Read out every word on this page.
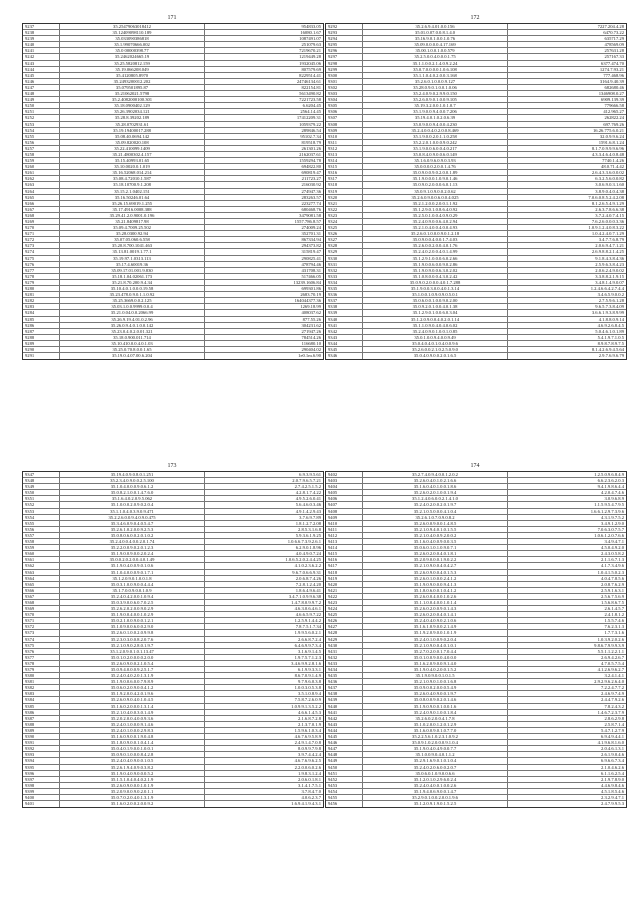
171
9237	35.25479063018412	954833.05
9238	35.12409098110.189	16080.1.67
9239	35.033090386818	1087491.07
9240	35.1.99070666.002	251079.63
9241	35.0 00000398.77	7219670.21
9242	35.2462024665.19	1219449.28
9243	35.25.5820812.159	1932045.06
9244	35.19.066208.049	807579.69
9245	35.4120805.8970	8229514.41
9246	35.2493200012.202	24746134.61
9247	35.079501895.87	822154.81
9248	35.21062021.5798	5613490.82
9249	35.2.4082000100.301	7221723.58
9250	35.18.0900402.129	6.6204.45
9251	35.26.3902034.121	2564.14.45
9252	35.28.8.39202.189	17412209.31
9253	35.28.0702931.61	1059379.22
9254	35.19.19400017.288	289846.54
9255	35.08.40.0694.142	95102.7.34
9256	35.09.820020.108	819518.79
9257	35.22.410099.1409	261301.26
9258	35.21.4800302.4.157	2162037.61
9259	35.15.40993.01.65	1559294.78
9260	35.10.0020.0.1.019	694822.80
9261	35.16.52068.014.214	690819.47
9262	35.08.4.72010.1.587	211723.27
9263	35.18.10700.9.1.208	216030.92
9264	35.15.2.1.0402.151	274947.36
9265	35.16.50246.01.64	283263.57
9266	35.26.15.69019.1.255	223277.74
9267	35.17.4916.0008.388	680468.76
9268	35.29.41.2.0.9001.0.196	3479081.58
9269	35.21.8409817.98	1557.786.8.57
9270	35.09.4.7009.25.502	274009.24
9271	35.28.0300.92.94	352701.31
9272	35.07.05.060.6.558	867334.94
9273	35.20.8.700.1041.463	294373.82
9274	35.13.81.0019.1.77.1	315819.47
9275	35.19.97.1.0313.113	290825.41
9276	35.17.4.60019.36	478794.46
9277	35.09.17.01.001.9.830	431708.31
9278	35.18.1.04.02061.173	517466.05
9279	35.21.8.70.200.9.4.34	13239.1606.84
9280	35.10.4.0.1.0.0.0.19.58	699301.86
9281	35.23.478.0.9.0.1.1.0.92	2683.70.19
9282	35.25.3669.0.0.2.125	164044377.36
9283	35.03.1.0.0.9999.0.0.4	1269.18.99
9284	35.21.0.04.0.0.2066.99	408037.62
9285	35.26.9.19.4.01.0.2.96	877.55.26
9286	35.26.0.9.4.0.1.0.0.142	304231.62
9287	35.23.0.4.0.2.0.01.321	271947.26
9288	35.18.0.900.011.714	784514.26
9289	35.10.410.0.0.4.0.1.03	116680.10
9290	35.25.0.70.8.0.0.1.65	290404.02
9291	35.19.0.4.07.00.6.204	1e0.1m.6.90
172
9292	35.2.6.9.4.01.0.0.156	7227.204.4.28
9293	35.01.0.07.0.0.8.1.4.0	6470.73.22
9294	35.16.9.0.1.0.0.1.0.76	635717.29
9295	35.09.0.0.0.0.4.17.169	478569.09
9296	35.00.1.0.0.1.0.0.579	257631.28
9297	35.2.5.0.0.4.0.0.0.1.75	257167.33
9298	35.1.1.0.0.2.1.4.0.9.2.24	6377.474.70
9299	35.0.7.0.0.0.0.1.0.6.108	1274.7.93.21
9300	35.1.1.0.4.0.2.0.0.3.168	777.468.96
9301	35.2.6.0.1.0.0.0.9.127	3164.9.40.39
9302	35.28.0.9.0.1.0.0.1.0.06	682680.46
9303	35.2.4.0.9.0.2.9.9.0.150	1346908.0.27
9304	35.2.6.0.9.0.1.0.0.9.105	6909.139.39
9305	35.19.3.2.0.0.1.0.1.0.7	779666.58
9306	35.1.9.0.0.9.4.0.0.7.206	412.965.27
9307	35.19.4.0.1.0.2.0.6.39	262822.24
9308	35.0.9.0.0.9.4.0.0.4.230	697.769.26
9309	35.2.4.0.0.4.0.2.0.0.8.469	16.26.775.6.0.21
9310	35.1.9.0.0.2.0.1.1.0.258	32.0.9.9.6.24
9311	35.2.2.0.1.0.0.0.9.0.242	1591.6.8.1.24
9312	35.1.9.0.0.6.0.0.4.0.217	8.1.7.0.9.9.9.6.96
9313	35.0.8.4.0.9.0.0.6.0.149	4.3.3.4.6.4.0.8.48
9314	35.1.6.0.9.6.0.9.0.3.93	7740.1.4.26
9315	35.0.0.0.0.2.0.0.1.4.76	48.0.71.4.42
9316	35.0.9.0.0.9.0.2.0.0.1.89	2.6.4.3.3.6.0.0.02
9317	35.1.9.0.0.0.1.0.9.0.1.46	6.3.2.5.6.0.0.82
9318	35.0.9.0.2.0.0.0.6.0.1.13	3.0.6.9.0.3.1.60
9319	35.0.9.1.0.9.0.0.2.0.62	3.8.9.0.4.0.4.38
9320	35.2.6.0.9.0.0.6.0.0.4.025	7.0.6.0.8.5.2.4.2.08
9321	35.2.1.2.0.0.2.0.0.1.1.92	8.1.2.6.5.4.9.1.29
9322	35.1.2.9.0.1.0.8.6.4.0.92	2.6.3.7.8.6.6.38
9323	35.2.5.0.1.0.0.4.0.9.0.29	3.7.2.4.0.7.4.15
9324	35.2.4.0.9.0.0.6.4.0.2.94	7.6.2.6.0.0.0.3.36
9325	35.2.1.0.4.0.0.4.0.0.4.93	1.0.9.1.2.4.0.8.3.22
9326	35.2.6.0.1.0.0.0.9.0.1.2.18	1.0.4.2.4.0.7.1.29
9327	35.0.9.0.0.4.0.0.1.7.4.03	3.4.7.7.6.8.79
9328	35.2.6.0.0.2.0.0.4.0.1.76	2.0.6.9.4.7.1.21
9329	35.2.4.0.2.0.0.4.0.1.4.99	2.6.9.8.8.2.1.4.25
9330	35.1.2.9.1.0.0.0.6.0.2.66	9.1.8.4.3.8.4.36
9331	35.1.9.0.0.6.0.0.9.0.2.86	2.5.9.6.3.8.4.23
9332	35.1.9.0.9.0.0.6.3.0.2.02	2.0.6.2.4.9.0.02
9333	35.1.0.8.0.0.0.4.3.0.2.42	3.3.8.8.2.1.9.15
9334	35.0.9.0.2.0.0.0.4.0.1.7.288	3.4.8.1.4.9.0.07
9335	35.1.9.0.0.3.0.0.4.0.1.3.14	1.2.4.6.6.4.2.7.4.4
9336	35.1.0.0.1.0.9.0.9.0.5.0.1	3.4.6.5.9.0.0.2
9337	35.0.6.0.0.1.0.0.9.0.2.00	2.7.5.9.6.1.28
9338	35.0.9.2.0.1.0.0.4.0.1.38	9.6.5.7.3.8.4.09
9339	35.1.2.9.0.1.0.0.6.0.3.04	3.6.6.1.9.3.8.9.99
9340	35.1.2.0.9.0.0.4.0.2.0.1.14	4.1.8.8.0.9.14
9341	35.1.1.0.9.0.4.0.4.0.6.02	4.6.9.2.6.8.4.5
9342	35.2.4.0.9.0.1.0.0.1.0.85	5.0.4.6.1.0.1.89
9343	35.0.1.0.0.9.4.0.0.9.49	5.4.1.9.7.1.0.5
9344	35.0.4.0.4.0.1.0.4.0.0.9.6	8.9.8.7.8.9.7.5
9345	35.2.6.0.0.2.1.0.2.5.0.9.0	8.1.4.2.6.9.4.5.64
9346	35.0.4.0.9.0.0.2.0.1.6.5	2.9.7.6.9.6.79
173
9347	35.19.4.0.9.0.8.0.1.251	6.9.3.9.5.61
9348	35.2.3.4.0.9.0.0.2.5.100	2.0.7.9.6.5.7.21
9349	35.1.0.4.0.0.0.9.0.6.1.2	2.7.4.2.5.1.5.2
9350	35.0.8.2.1.0.0.1.4.7.6.0	4.2.8.1.7.4.22
9351	35.1.6.4.0.2.0.9.5.062	4.9.5.2.6.0.41
9352	35.1.0.0.0.2.0.9.0.2.0.4	5.6.4.6.0.3.46
9353	35.1.1.0.4.0.3.9.0.9.471	4.9.1.4.2.9.43
9354	35.2.2.6.0.0.9.4.0.9.0.475	3.7.6.9.7.89
9355	35.3.4.6.0.9.0.4.0.5.4.7	1.8.1.2.7.2.08
9356	35.2.6.1.0.2.0.0.9.2.5.3	2.8.5.3.1.6.8
9357	35.0.8.0.6.0.0.2.0.1.0.2	5.9.3.6.1.9.25
9358	35.2.4.0.0.4.0.0.2.0.1.74	1.0.6.6.7.3.9.2.6.1
9359	35.2.2.0.0.9.0.2.0.1.2.3	6.2.9.0.1.8.96
9360	35.1.9.0.0.9.0.0.2.0.2.4	4.0.4.9.0.7.24
9361	35.0.0.2.0.2.0.0.4.0.1.49	1.0.6.5.2.0.2.4.4.25
9362	35.1.9.0.4.0.0.9.0.1.0.6	4.1.0.2.3.6.2.2
9363	35.1.0.4.0.0.0.9.0.1.7.1	9.6.7.0.6.6.9.31
9364	35.1.2.0.9.0.1.0.0.1.8	2.0.6.8.7.4.26
9365	35.0.3.1.0.0.9.0.0.4.4.4	7.2.8.1.2.4.20
9366	35.1.7.0.0.9.0.0.1.0.9	1.8.6.4.9.6.41
9367	35.2.4.0.4.2.0.0.1.0.9.4	3.4.7.1.0.9.9.6.38
9368	35.0.3.9.0.0.6.0.7.0.2.5	1.4.7.8.0.9.9.7.2
9369	35.2.6.2.0.2.0.0.9.0.2.9	4.6.3.0.6.4.6.1
9370	35.1.9.0.0.4.0.0.1.0.2.9	4.6.6.5.9.7.22
9371	35.0.2.1.0.0.9.0.0.1.2.1	1.2.5.9.1.4.4.2
9372	35.1.0.9.0.0.6.0.0.2.9.0	7.8.7.5.1.7.34
9373	35.2.6.0.1.0.0.2.0.9.9.8	1.9.9.5.6.0.2.1
9374	35.2.3.0.3.0.0.8.2.0.7.6	2.6.6.8.7.2.4
9375	35.2.1.0.9.0.2.8.0.1.9.7	6.4.6.9.9.7.3.4
9376	35.1.2.0.9.0.1.0.1.13.47	3.1.6.9.1.4.5
9377	35.0.1.0.2.0.0.0.0.2.0.0	1.9.7.5.7.1.2.3
9378	35.2.6.0.9.0.0.2.1.0.5.4	3.4.6.9.9.2.8.1.6
9379	35.0.9.4.0.0.0.9.2.5.1.7	6.1.9.9.3.3.1
9380	35.2.4.0.4.0.2.0.1.3.1.9	8.6.7.0.9.1.4.9
9381	35.1.9.0.0.6.0.0.7.9.8.9	9.7.9.6.0.3.8
9382	35.0.6.0.2.0.9.0.0.4.1.2	1.0.0.3.0.5.3.8
9383	35.1.9.2.0.0.4.2.0.1.9.6	3.5.1.0.8.9.4
9384	35.2.6.0.9.0.4.0.1.0.4.5	7.5.8.7.2.6.0.9
9385	35.1.6.0.2.0.0.0.1.3.1.4	1.0.9.9.1.3.5.2.2
9386	35.2.1.0.4.0.0.3.0.1.4.9	4.6.6.1.4.5.3
9387	35.2.0.2.0.0.4.0.0.9.3.6	2.1.6.8.7.2.8
9388	35.2.4.0.1.0.0.0.9.1.4.6	2.1.3.7.0.1.9
9389	35.2.4.0.1.0.0.0.2.9.8.3	1.5.9.6.1.0.3.4
9390	35.1.6.0.9.0.0.1.9.0.4.8	4.6.7.6.9.5.8.9
9391	35.1.8.0.9.0.0.1.0.4.1.4	2.4.9.1.4.7.0.8
9392	35.0.4.0.1.9.0.0.1.0.0.1	8.0.9.9.7.9.8
9393	35.0.9.0.1.0.0.0.8.4.2.8	3.9.7.4.4.2.4
9394	35.2.4.0.4.0.9.0.0.1.0.5	4.6.7.6.9.6.2.5
9395	35.2.6.1.9.4.0.9.0.3.8.2	2.2.0.0.6.0.2.6
9396	35.1.9.0.4.0.9.0.0.0.5.2	1.9.8.3.1.2.4
9397	35.1.5.1.0.4.0.4.0.2.1.9	2.0.6.0.1.8.1
9398	35.2.6.0.9.0.0.0.1.0.1.9	3.1.4.1.7.5.1
9399	35.2.0.9.0.0.9.0.2.0.1.1	3.7.8.4.7.0
9400	35.0.7.0.2.0.4.0.1.3.1.9	4.0.6.2.3.7
9401	35.1.6.0.2.0.0.2.0.0.9.2	1.6.9.4.1.9.4.3.1
174
9402	35.2.7.4.0.9.4.0.0.1.2.0.2	1.2.5.0.9.6.8.4.9
9403	35.2.6.0.4.0.1.0.2.1.6.6	6.6.2.3.6.2.0.3
9404	35.1.6.0.4.0.1.0.0.1.8.6	9.4.1.9.8.6.4.4
9405	35.2.6.0.2.0.1.0.0.1.9.4	4.2.0.4.7.4.6
9406	35.1.2.4.0.6.0.0.2.1.4.1.0	3.0.9.6.8.9
9407	35.2.4.0.2.0.0.2.0.1.9.7	1.1.5.9.5.4.7.9.5
9408	35.2.1.0.5.0.0.0.4.1.0.4	1.6.6.1.2.9.7.3.9.6
9409	35.2.6.1.0.7.0.9.0.8.2	4.3.1.9.7.5.2
9410	35.2.6.0.0.9.0.0.1.4.8.5	3.4.9.1.2.9.0
9411	35.2.1.0.9.4.0.1.0.1.5.5	7.0.6.3.0.7.5.7
9412	35.2.1.0.4.0.0.9.2.0.0.2	1.0.6.1.2.0.7.6.6
9413	35.1.6.0.4.0.0.9.0.0.3.5	3.4.9.4.7.1
9414	35.0.6.0.1.0.1.0.9.0.7.1	4.5.0.4.9.2.0
9415	35.2.6.0.2.0.0.4.0.1.8.1	2.4.3.0.5.8.2
9416	35.2.0.9.0.0.0.1.9.0.2.2	2.1.1.6.7.1.3
9417	35.2.1.0.9.0.0.4.0.4.2.7	4.1.7.3.4.9.6
9418	35.2.6.0.9.0.0.4.0.1.5.3	1.0.4.1.5.0.2.3
9419	35.2.6.0.1.0.0.0.2.4.1.2	4.0.4.7.8.5.6
9420	35.1.9.0.9.0.0.0.9.4.1.3	2.0.8.7.6.2.9
9421	35.1.8.0.6.0.0.1.0.4.1.2	2.5.9.1.6.3.1
9422	35.2.6.0.0.4.0.0.1.0.2.6	2.5.6.7.5.6.9
9423	35.1.1.0.0.4.0.0.1.0.1.4	1.5.6.8.6.7.5
9424	35.2.6.0.2.0.0.9.0.1.4.3	2.6.1.4.5.7
9425	35.2.6.0.2.0.0.4.0.1.4.1	2.4.1.8.1.2
9426	35.2.4.0.4.0.9.0.2.1.0.6	1.5.5.7.4.6
9427	35.1.6.1.0.9.0.0.2.1.4.9	7.6.2.3.1.3
9428	35.1.9.2.0.9.0.0.1.0.1.9	1.7.7.3.1.6
9429	35.2.4.0.1.0.0.9.0.2.0.4	1.0.3.9.2.0.2.6
9430	35.2.1.0.9.0.0.4.0.1.0.1	9.8.6.7.9.9.9.3.9
9431	35.2.7.0.2.0.0.1.7.0.4.4	5.5.1.1.2.2.1.1
9432	35.0.1.0.0.9.0.0.4.0.0.0	2.6.9.4.2.6.7
9433	35.1.6.2.0.9.0.0.9.1.4.0	4.7.0.5.7.5.4
9434	35.1.9.0.4.0.2.0.0.1.5.2	4.1.2.6.9.6.2.7
9435	35.1.9.0.9.0.0.1.0.1.5	3.2.4.1.4.1
9436	35.2.1.0.9.0.1.0.0.1.6.8	2.9.2.9.6.2.6.4.0
9437	35.0.9.0.0.2.0.0.0.5.4.9	7.2.2.4.7.7.2
9438	35.2.6.0.4.0.9.0.0.1.9.7	2.4.6.9.7.4.9
9439	35.0.8.0.0.9.0.2.0.1.4.6	2.4.4.7.9.2.6
9440	35.1.9.0.9.0.0.1.0.0.1.6	7.8.2.4.3.2
9441	35.2.4.0.9.0.1.0.0.1.8.4	1.4.6.7.2.3.7.9
9442	35.2.6.0.2.0.0.4.1.7.8	2.8.6.2.9.8
9443	35.1.0.2.0.0.1.2.0.1.2.9	2.5.8.7.1.4
9444	35.1.6.0.0.9.0.1.0.7.7.0	5.4.7.1.2.7.9
9445	35.2.2.5.6.1.0.2.3.1.0.9.2	6.9.4.9.4.4.1
9446	35.0.9.1.0.2.0.0.0.9.1.0.4	4.1.9.6.8.1.6.0
9447	35.1.9.0.4.0.4.9.0.0.7.7	2.0.4.6.1.3.1
9448	35.1.0.0.9.0.4.0.1.1.2	2.6.1.9.0.4.6
9449	35.2.9.1.6.9.0.1.0.1.0.4	6.9.6.6.7.3.4
9450	35.2.4.0.2.0.6.0.0.2.0.7	2.1.0.4.6.2.6
9451	35.0.6.0.1.0.9.0.0.6.6	6.1.1.6.2.5.4
9452	35.1.2.0.1.0.2.9.6.0.2.4	2.1.9.7.8.9.0
9453	35.2.4.0.4.0.0.1.0.0.2.6	4.4.6.9.8.4.6
9454	35.1.9.4.0.6.9.0.0.1.4.7	4.5.1.8.5.4.6
9455	35.2.9.0.1.0.0.2.0.0.1.9.6	2.3.2.9.4.7.1
9456	35.1.2.0.9.1.9.0.1.5.2.5	2.4.7.9.9.5.3
